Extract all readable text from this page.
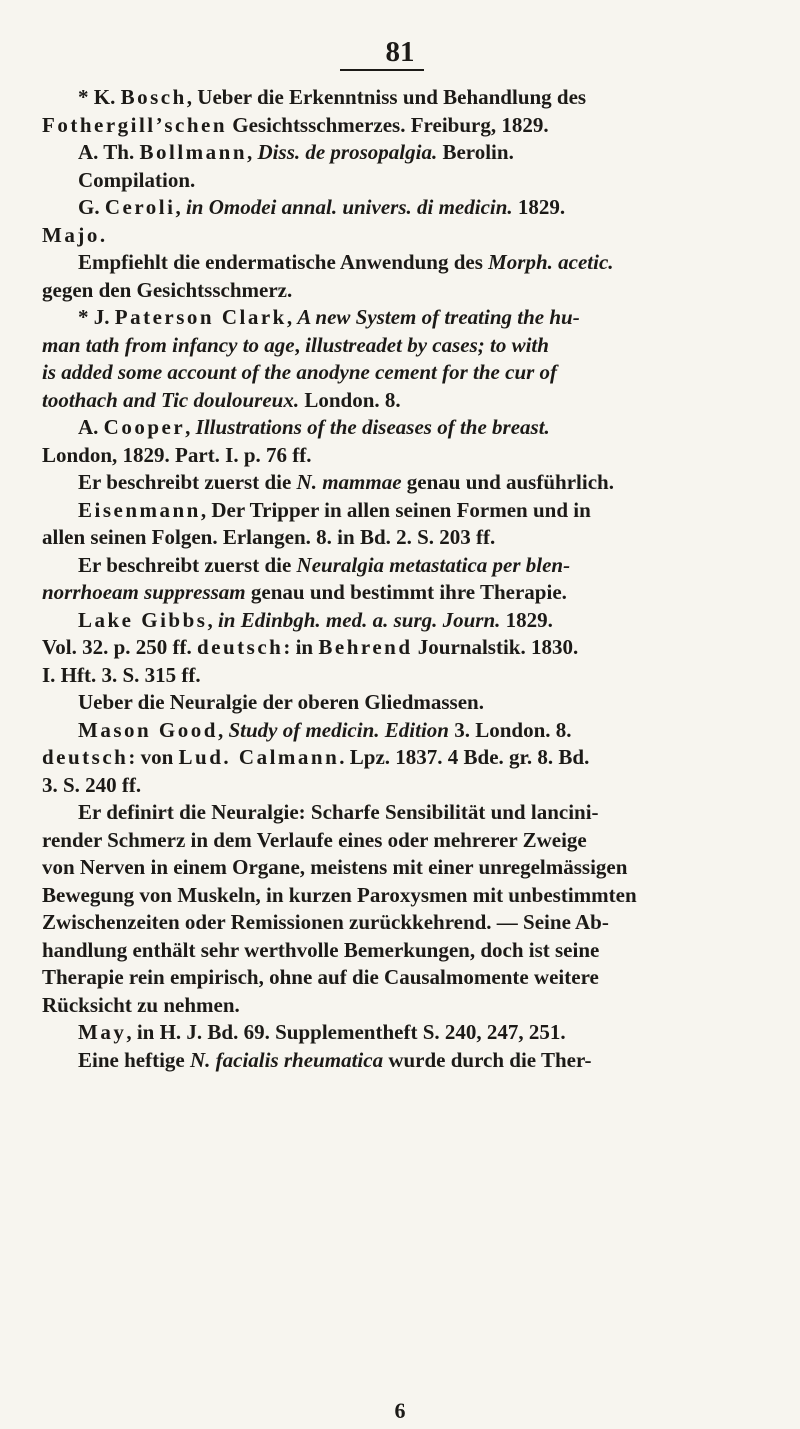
81
* K. Bosch, Ueber die Erkenntniss und Behandlung des
Fothergill’schen Gesichtsschmerzes. Freiburg, 1829.
A. Th. Bollmann, Diss. de prosopalgia. Berolin.
Compilation.
G. Ceroli, in Omodei annal. univers. di medicin. 1829.
Majo.
Empfiehlt die endermatische Anwendung des Morph. acetic.
gegen den Gesichtsschmerz.
* J. Paterson Clark, A new System of treating the hu-
man tath from infancy to age, illustreadet by cases; to with
is added some account of the anodyne cement for the cur of
toothach and Tic douloureux. London. 8.
A. Cooper, Illustrations of the diseases of the breast.
London, 1829. Part. I. p. 76 ff.
Er beschreibt zuerst die N. mammae genau und ausführlich.
Eisenmann, Der Tripper in allen seinen Formen und in
allen seinen Folgen. Erlangen. 8. in Bd. 2. S. 203 ff.
Er beschreibt zuerst die Neuralgia metastatica per blen-
norrhoeam suppressam genau und bestimmt ihre Therapie.
Lake Gibbs, in Edinbgh. med. a. surg. Journ. 1829.
Vol. 32. p. 250 ff. deutsch: in Behrend Journalstik. 1830.
I. Hft. 3. S. 315 ff.
Ueber die Neuralgie der oberen Gliedmassen.
Mason Good, Study of medicin. Edition 3. London. 8.
deutsch: von Lud. Calmann. Lpz. 1837. 4 Bde. gr. 8. Bd.
3. S. 240 ff.
Er definirt die Neuralgie: Scharfe Sensibilität und lancini-
render Schmerz in dem Verlaufe eines oder mehrerer Zweige
von Nerven in einem Organe, meistens mit einer unregelmässigen
Bewegung von Muskeln, in kurzen Paroxysmen mit unbestimmten
Zwischenzeiten oder Remissionen zurückkehrend. — Seine Ab-
handlung enthält sehr werthvolle Bemerkungen, doch ist seine
Therapie rein empirisch, ohne auf die Causalmomente weitere
Rücksicht zu nehmen.
May, in H. J. Bd. 69. Supplementheft S. 240, 247, 251.
Eine heftige N. facialis rheumatica wurde durch die Ther-
6
